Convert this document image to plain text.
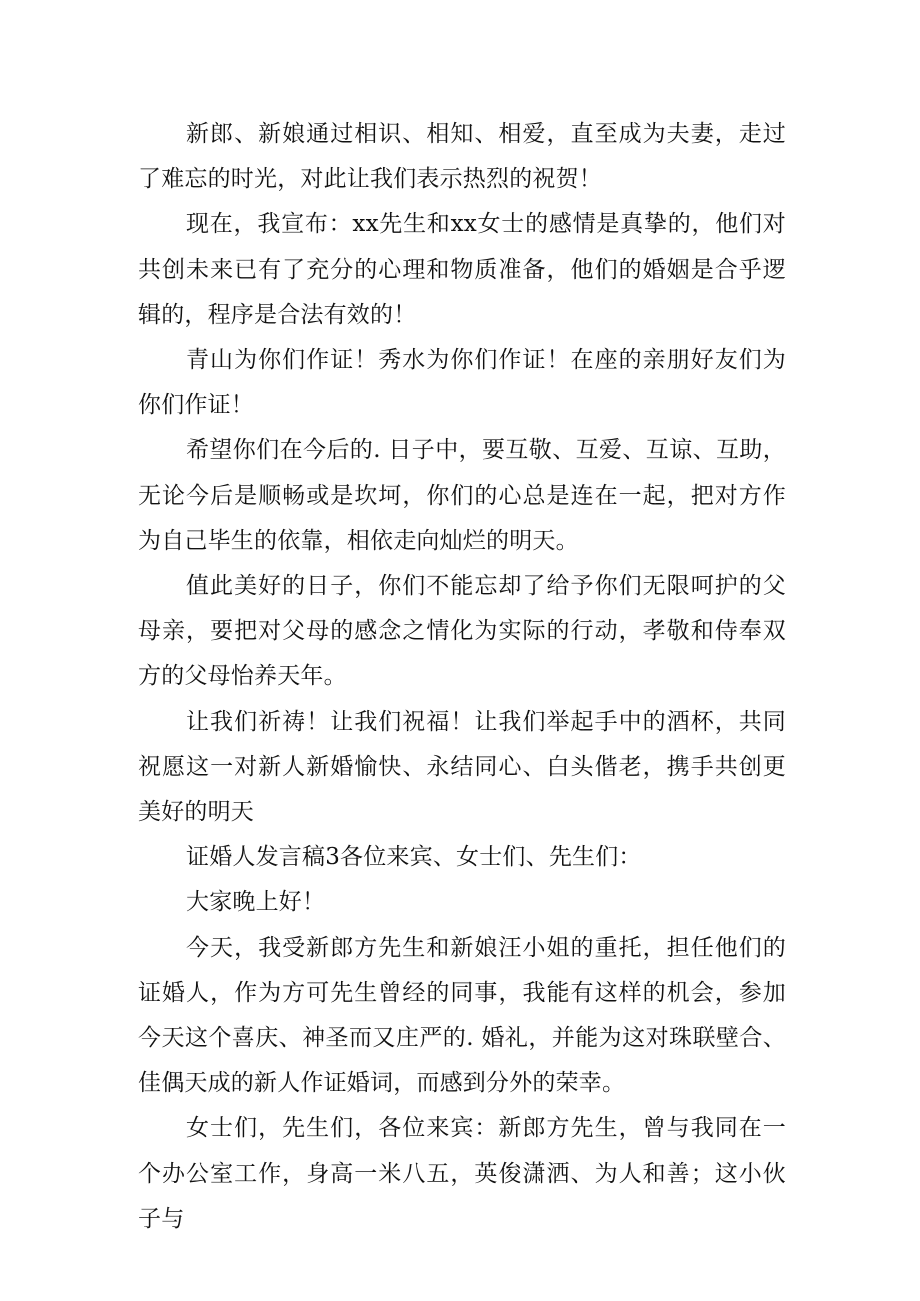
新郎、新娘通过相识、相知、相爱，直至成为夫妻，走过了难忘的时光，对此让我们表示热烈的祝贺！

现在，我宣布：xx先生和xx女士的感情是真挚的，他们对共创未来已有了充分的心理和物质准备，他们的婚姻是合乎逻辑的，程序是合法有效的！

青山为你们作证！秀水为你们作证！在座的亲朋好友们为你们作证！

希望你们在今后的. 日子中，要互敬、互爱、互谅、互助，无论今后是顺畅或是坎坷，你们的心总是连在一起，把对方作为自己毕生的依靠，相依走向灿烂的明天。

值此美好的日子，你们不能忘却了给予你们无限呵护的父母亲，要把对父母的感念之情化为实际的行动，孝敬和侍奉双方的父母怡养天年。

让我们祈祷！让我们祝福！让我们举起手中的酒杯，共同祝愿这一对新人新婚愉快、永结同心、白头偕老，携手共创更美好的明天

证婚人发言稿3各位来宾、女士们、先生们：

大家晚上好！

今天，我受新郎方先生和新娘汪小姐的重托，担任他们的证婚人，作为方可先生曾经的同事，我能有这样的机会，参加今天这个喜庆、神圣而又庄严的. 婚礼，并能为这对珠联壁合、佳偶天成的新人作证婚词，而感到分外的荣幸。

女士们，先生们，各位来宾：新郎方先生，曾与我同在一个办公室工作，身高一米八五，英俊潇洒、为人和善；这小伙子与
